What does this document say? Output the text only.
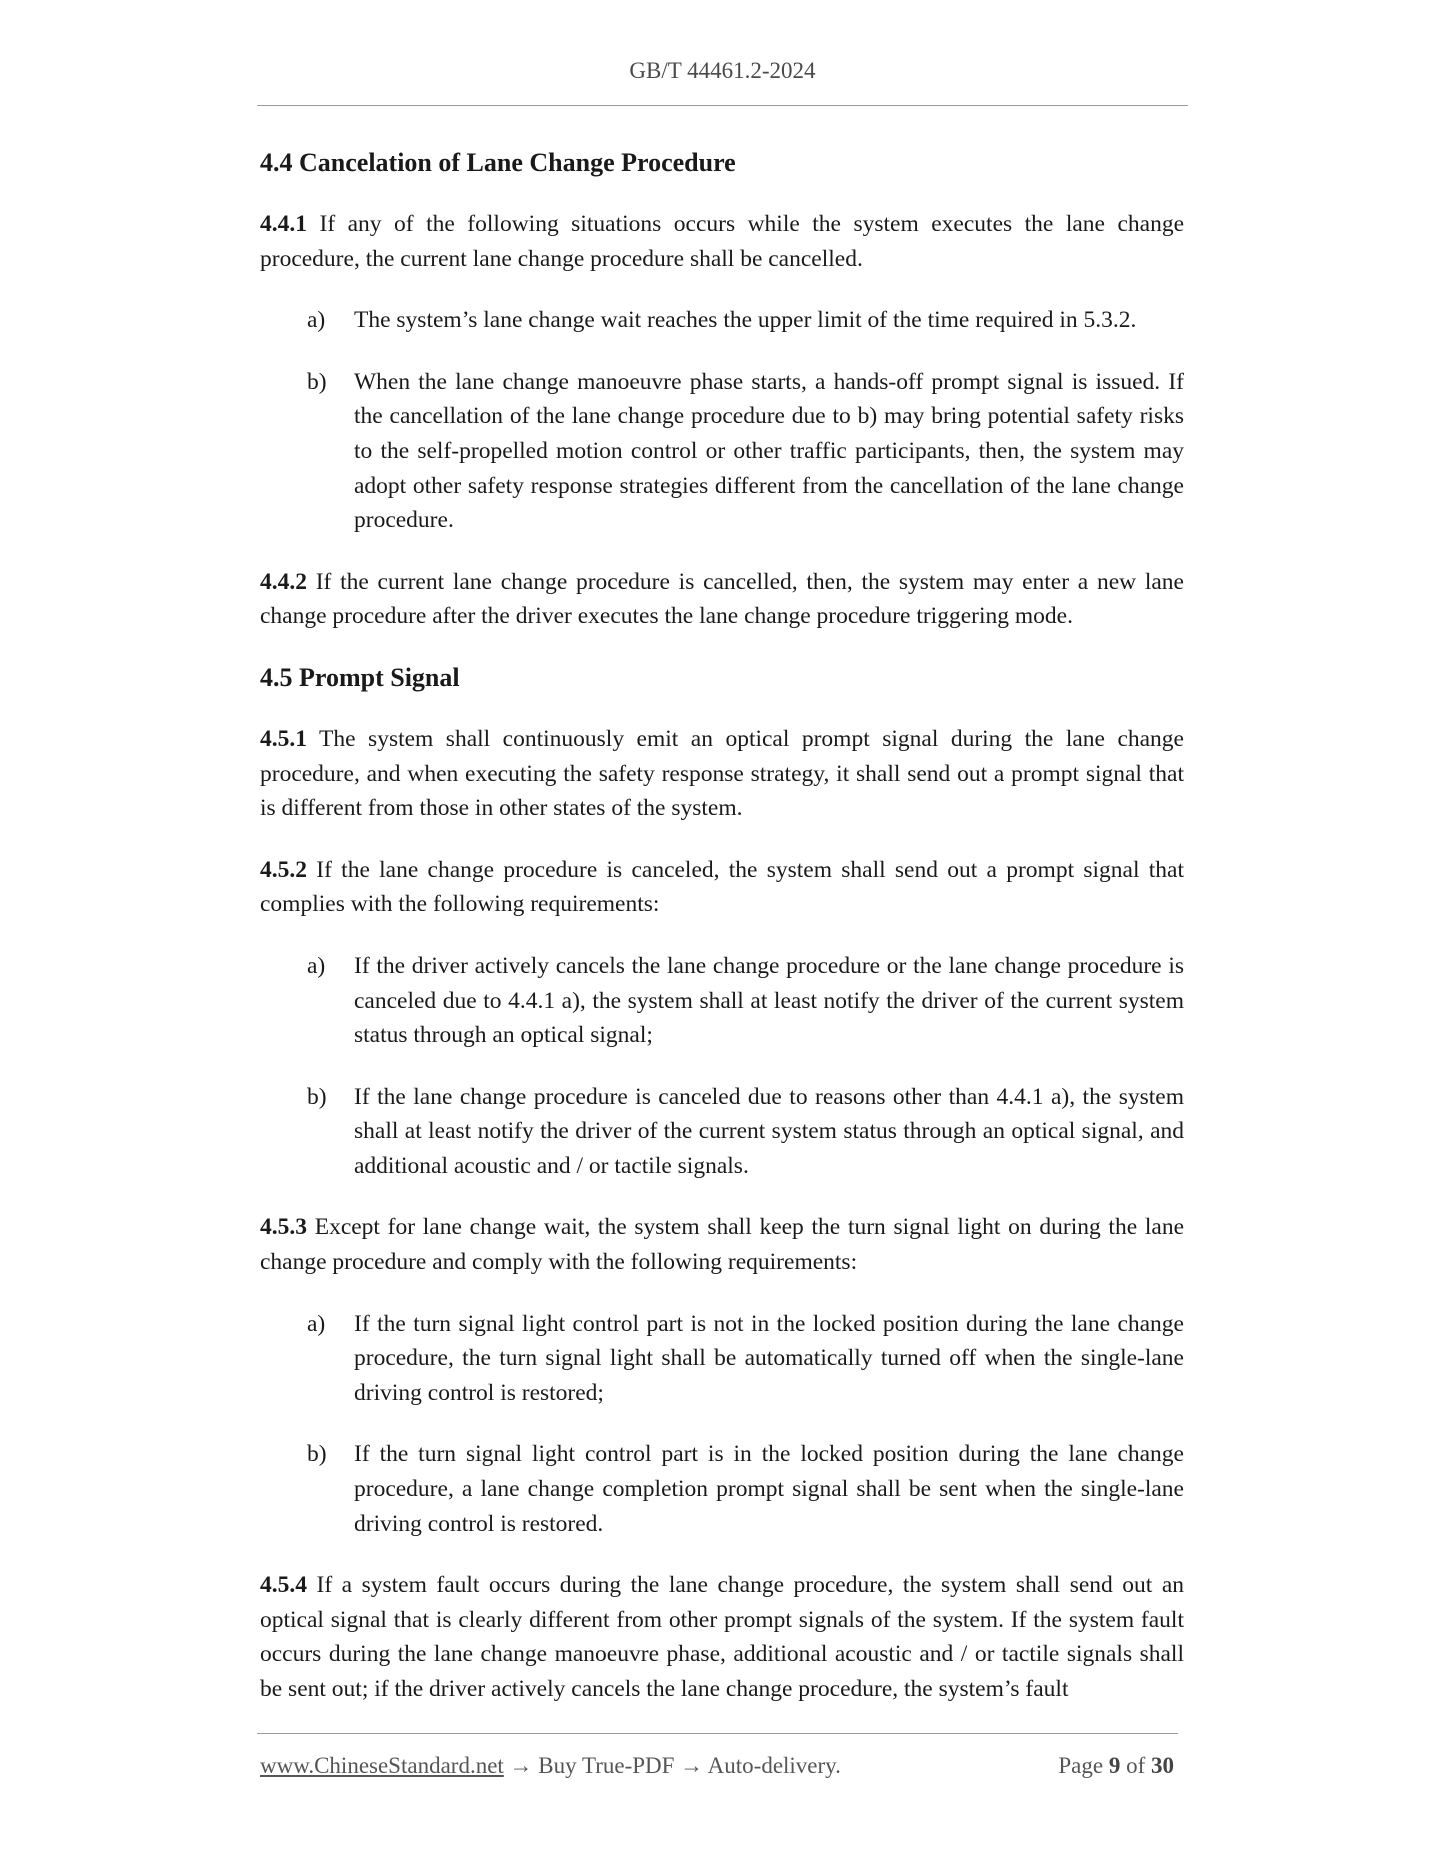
GB/T 44461.2-2024
4.4 Cancelation of Lane Change Procedure

4.4.1 If any of the following situations occurs while the system executes the lane change procedure, the current lane change procedure shall be cancelled.

a) The system’s lane change wait reaches the upper limit of the time required in 5.3.2.
b) When the lane change manoeuvre phase starts, a hands-off prompt signal is issued. If the cancellation of the lane change procedure due to b) may bring potential safety risks to the self-propelled motion control or other traffic participants, then, the system may adopt other safety response strategies different from the cancellation of the lane change procedure.

4.4.2 If the current lane change procedure is cancelled, then, the system may enter a new lane change procedure after the driver executes the lane change procedure triggering mode.

4.5 Prompt Signal

4.5.1 The system shall continuously emit an optical prompt signal during the lane change procedure, and when executing the safety response strategy, it shall send out a prompt signal that is different from those in other states of the system.

4.5.2 If the lane change procedure is canceled, the system shall send out a prompt signal that complies with the following requirements:

a) If the driver actively cancels the lane change procedure or the lane change procedure is canceled due to 4.4.1 a), the system shall at least notify the driver of the current system status through an optical signal;
b) If the lane change procedure is canceled due to reasons other than 4.4.1 a), the system shall at least notify the driver of the current system status through an optical signal, and additional acoustic and / or tactile signals.

4.5.3 Except for lane change wait, the system shall keep the turn signal light on during the lane change procedure and comply with the following requirements:

a) If the turn signal light control part is not in the locked position during the lane change procedure, the turn signal light shall be automatically turned off when the single-lane driving control is restored;
b) If the turn signal light control part is in the locked position during the lane change procedure, a lane change completion prompt signal shall be sent when the single-lane driving control is restored.

4.5.4 If a system fault occurs during the lane change procedure, the system shall send out an optical signal that is clearly different from other prompt signals of the system. If the system fault occurs during the lane change manoeuvre phase, additional acoustic and / or tactile signals shall be sent out; if the driver actively cancels the lane change procedure, the system’s fault

www.ChineseStandard.net → Buy True-PDF → Auto-delivery.	Page 9 of 30
